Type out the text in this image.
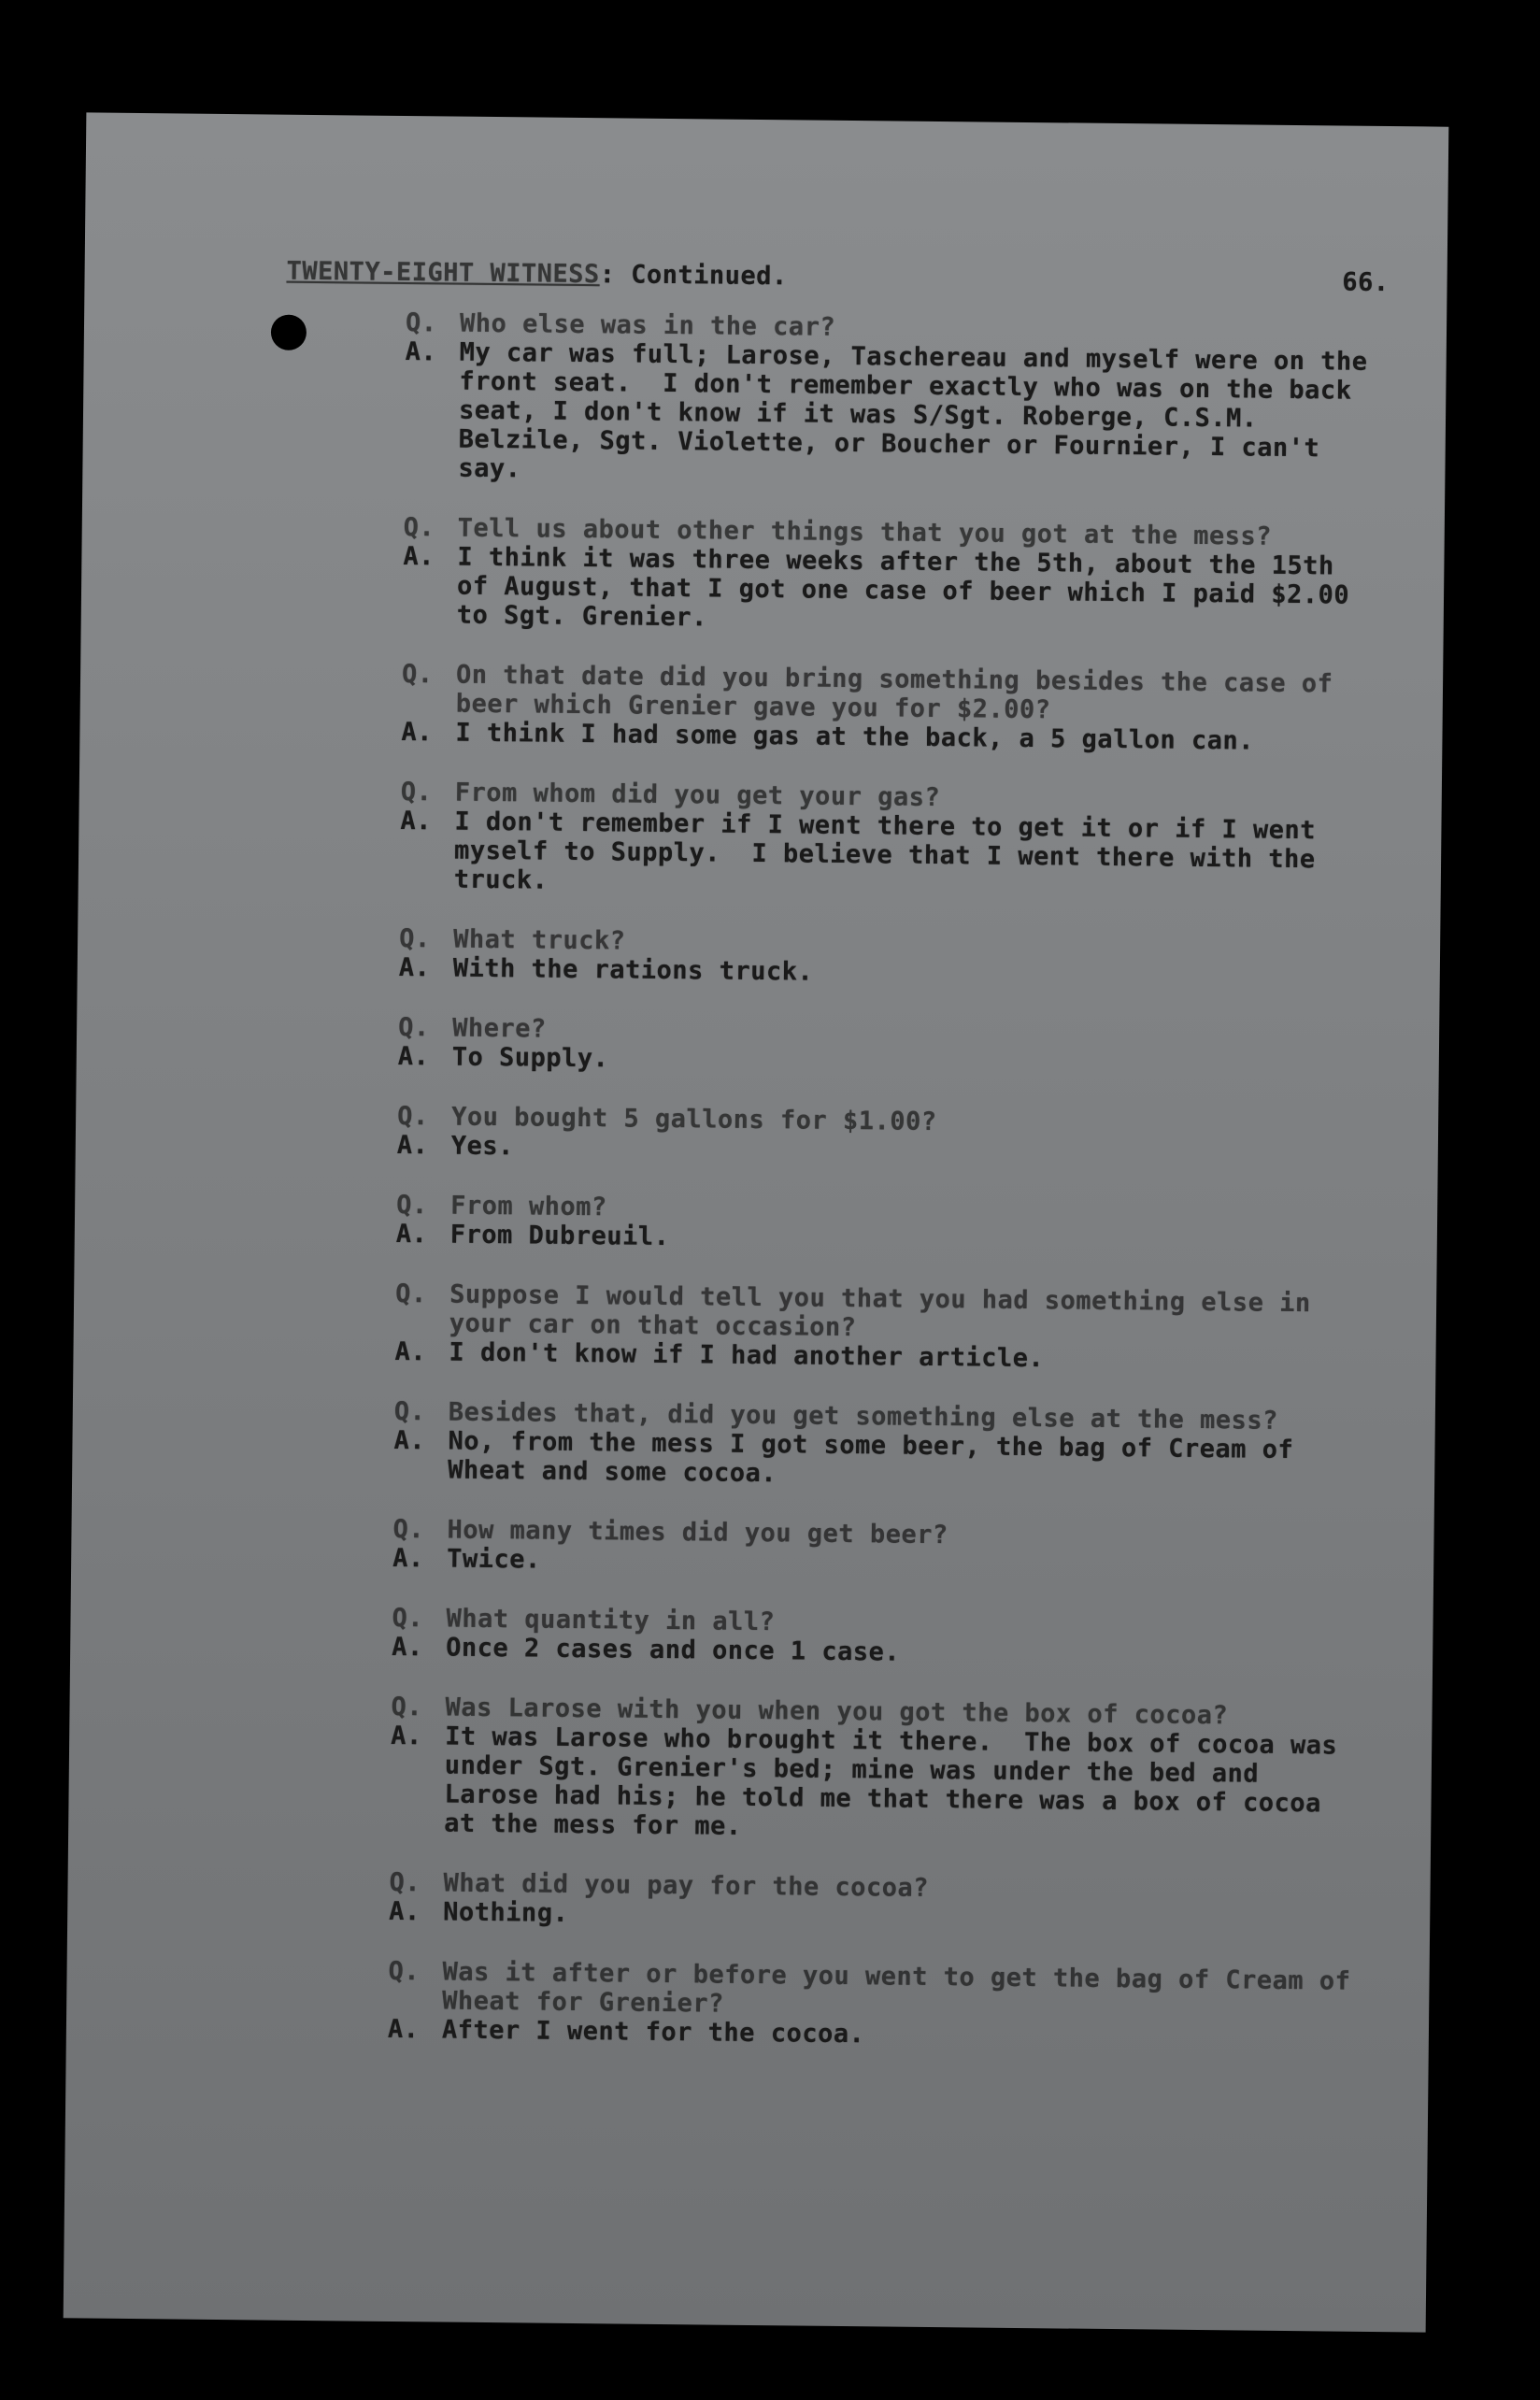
TWENTY-EIGHT WITNESS: Continued.	66.
Q. Who else was in the car?
A. My car was full; Larose, Taschereau and myself were on the front seat.  I don't remember exactly who was on the back seat, I don't know if it was S/Sgt. Roberge, C.S.M. Belzile, Sgt. Violette, or Boucher or Fournier, I can't say.
Q. Tell us about other things that you got at the mess?
A. I think it was three weeks after the 5th, about the 15th of August, that I got one case of beer which I paid $2.00 to Sgt. Grenier.
Q. On that date did you bring something besides the case of beer which Grenier gave you for $2.00?
A. I think I had some gas at the back, a 5 gallon can.
Q. From whom did you get your gas?
A. I don't remember if I went there to get it or if I went myself to Supply.  I believe that I went there with the truck.
Q. What truck?
A. With the rations truck.
Q. Where?
A. To Supply.
Q. You bought 5 gallons for $1.00?
A. Yes.
Q. From whom?
A. From Dubreuil.
Q. Suppose I would tell you that you had something else in your car on that occasion?
A. I don't know if I had another article.
Q. Besides that, did you get something else at the mess?
A. No, from the mess I got some beer, the bag of Cream of Wheat and some cocoa.
Q. How many times did you get beer?
A. Twice.
Q. What quantity in all?
A. Once 2 cases and once 1 case.
Q. Was Larose with you when you got the box of cocoa?
A. It was Larose who brought it there.  The box of cocoa was under Sgt. Grenier's bed; mine was under the bed and Larose had his; he told me that there was a box of cocoa at the mess for me.
Q. What did you pay for the cocoa?
A. Nothing.
Q. Was it after or before you went to get the bag of Cream of Wheat for Grenier?
A. After I went for the cocoa.
